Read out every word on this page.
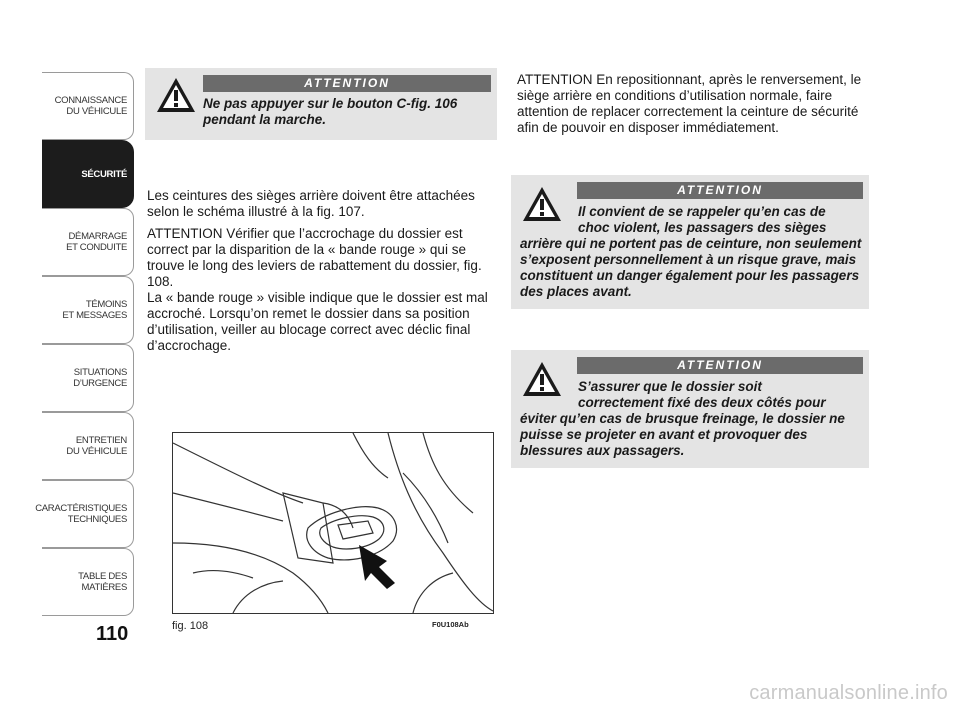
CONNAISSANCE
DU VÉHICULE
SÉCURITÉ
DÉMARRAGE
ET CONDUITE
TÉMOINS
ET MESSAGES
SITUATIONS
D’URGENCE
ENTRETIEN
DU VÉHICULE
CARACTÉRISTIQUES
TECHNIQUES
TABLE DES
MATIÈRES
110
ATTENTION
Ne pas appuyer sur le bouton C-fig. 106
pendant la marche.

Les ceintures des sièges arrière doivent être attachées selon le schéma illustré à la fig. 107.

ATTENTION Vérifier que l’accrochage du dossier est correct par la disparition de la « bande rouge » qui se trouve le long des leviers de rabattement du dossier, fig. 108.

La « bande rouge » visible indique que le dossier est mal accroché. Lorsqu’on remet le dossier dans sa position d’utilisation, veiller au blocage correct avec déclic final d’accrochage.

fig. 108	F0U108Ab

ATTENTION En repositionnant, après le renversement, le siège arrière en conditions d’utilisation normale, faire attention de replacer correctement la ceinture de sécurité afin de pouvoir en disposer immédiatement.

ATTENTION
Il convient de se rappeler qu’en cas de
choc violent, les passagers des sièges
arrière qui ne portent pas de ceinture, non seulement s’exposent personnellement à un risque grave, mais constituent un danger également pour les passagers des places avant.
ATTENTION
S’assurer que le dossier soit
correctement fixé des deux côtés pour
éviter qu’en cas de brusque freinage, le dossier ne puisse se projeter en avant et provoquer des blessures aux passagers.
carmanualsonline.info
